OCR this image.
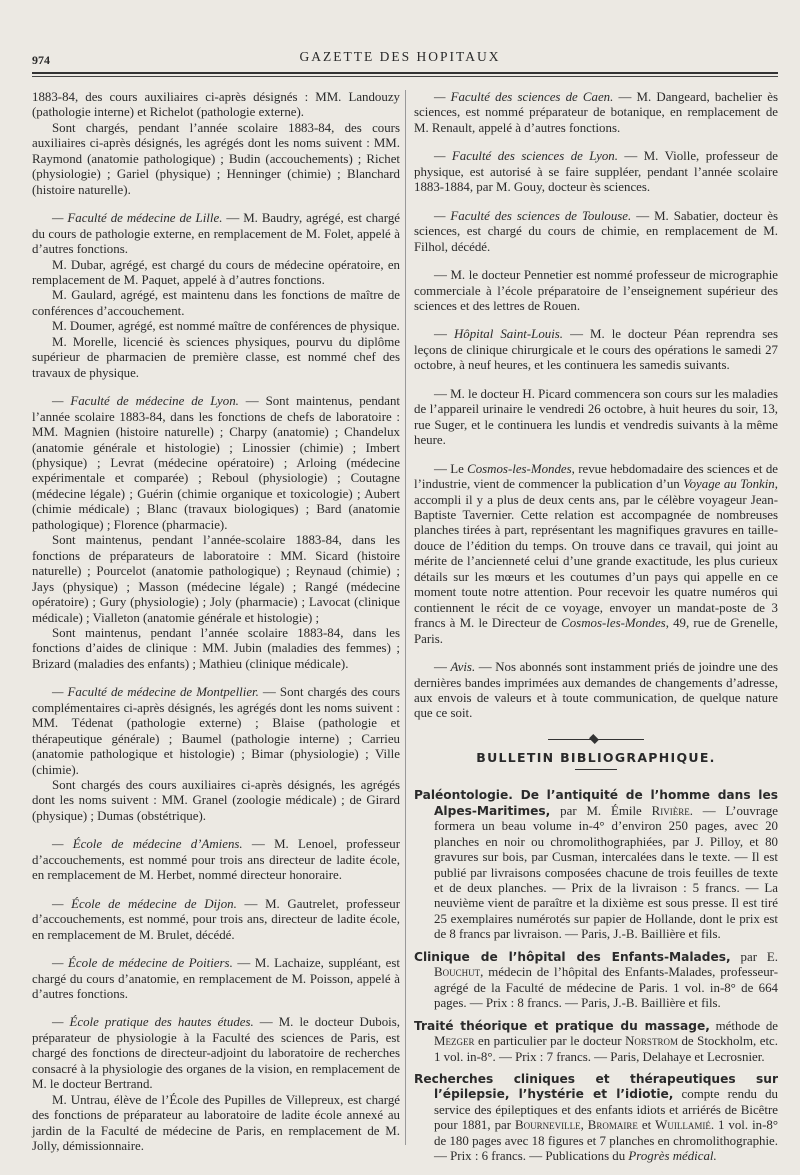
974	GAZETTE DES HOPITAUX

1883-84, des cours auxiliaires ci-après désignés : MM. Landouzy (pathologie interne) et Richelot (pathologie externe).

Sont chargés, pendant l’année scolaire 1883-84, des cours auxiliaires ci-après désignés, les agrégés dont les noms suivent : MM. Raymond (anatomie pathologique) ; Budin (accouchements) ; Richet (physiologie) ; Gariel (physique) ; Henninger (chimie) ; Blanchard (histoire naturelle).

— Faculté de médecine de Lille. — M. Baudry, agrégé, est chargé du cours de pathologie externe, en remplacement de M. Folet, appelé à d’autres fonctions.

M. Dubar, agrégé, est chargé du cours de médecine opératoire, en remplacement de M. Paquet, appelé à d’autres fonctions.

M. Gaulard, agrégé, est maintenu dans les fonctions de maître de conférences d’accouchement.

M. Doumer, agrégé, est nommé maître de conférences de physique.

M. Morelle, licencié ès sciences physiques, pourvu du diplôme supérieur de pharmacien de première classe, est nommé chef des travaux de physique.

— Faculté de médecine de Lyon. — Sont maintenus, pendant l’année scolaire 1883-84, dans les fonctions de chefs de laboratoire : MM. Magnien (histoire naturelle) ; Charpy (anatomie) ; Chandelux (anatomie générale et histologie) ; Linossier (chimie) ; Imbert (physique) ; Levrat (médecine opératoire) ; Arloing (médecine expérimentale et comparée) ; Reboul (physiologie) ; Coutagne (médecine légale) ; Guérin (chimie organique et toxicologie) ; Aubert (chimie médicale) ; Blanc (travaux biologiques) ; Bard (anatomie pathologique) ; Florence (pharmacie).

Sont maintenus, pendant l’année-scolaire 1883-84, dans les fonctions de préparateurs de laboratoire : MM. Sicard (histoire naturelle) ; Pourcelot (anatomie pathologique) ; Reynaud (chimie) ; Jays (physique) ; Masson (médecine légale) ; Rangé (médecine opératoire) ; Gury (physiologie) ; Joly (pharmacie) ; Lavocat (clinique médicale) ; Vialleton (anatomie générale et histologie) ;

Sont maintenus, pendant l’année scolaire 1883-84, dans les fonctions d’aides de clinique : MM. Jubin (maladies des femmes) ; Brizard (maladies des enfants) ; Mathieu (clinique médicale).

— Faculté de médecine de Montpellier. — Sont chargés des cours complémentaires ci-après désignés, les agrégés dont les noms suivent : MM. Tédenat (pathologie externe) ; Blaise (pathologie et thérapeutique générale) ; Baumel (pathologie interne) ; Carrieu (anatomie pathologique et histologie) ; Bimar (physiologie) ; Ville (chimie).

Sont chargés des cours auxiliaires ci-après désignés, les agrégés dont les noms suivent : MM. Granel (zoologie médicale) ; de Girard (physique) ; Dumas (obstétrique).

— École de médecine d’Amiens. — M. Lenoel, professeur d’accouchements, est nommé pour trois ans directeur de ladite école, en remplacement de M. Herbet, nommé directeur honoraire.

— École de médecine de Dijon. — M. Gautrelet, professeur d’accouchements, est nommé, pour trois ans, directeur de ladite école, en remplacement de M. Brulet, décédé.

— École de médecine de Poitiers. — M. Lachaize, suppléant, est chargé du cours d’anatomie, en remplacement de M. Poisson, appelé à d’autres fonctions.

— École pratique des hautes études. — M. le docteur Dubois, préparateur de physiologie à la Faculté des sciences de Paris, est chargé des fonctions de directeur-adjoint du laboratoire de recherches consacré à la physiologie des organes de la vision, en remplacement de M. le docteur Bertrand.

M. Untrau, élève de l’École des Pupilles de Villepreux, est chargé des fonctions de préparateur au laboratoire de ladite école annexé au jardin de la Faculté de médecine de Paris, en remplacement de M. Jolly, démissionnaire.

— Faculté des sciences de Caen. — M. Dangeard, bachelier ès sciences, est nommé préparateur de botanique, en remplacement de M. Renault, appelé à d’autres fonctions.

— Faculté des sciences de Lyon. — M. Violle, professeur de physique, est autorisé à se faire suppléer, pendant l’année scolaire 1883-1884, par M. Gouy, docteur ès sciences.

— Faculté des sciences de Toulouse. — M. Sabatier, docteur ès sciences, est chargé du cours de chimie, en remplacement de M. Filhol, décédé.

— M. le docteur Pennetier est nommé professeur de micrographie commerciale à l’école préparatoire de l’enseignement supérieur des sciences et des lettres de Rouen.

— Hôpital Saint-Louis. — M. le docteur Péan reprendra ses leçons de clinique chirurgicale et le cours des opérations le samedi 27 octobre, à neuf heures, et les continuera les samedis suivants.

— M. le docteur H. Picard commencera son cours sur les maladies de l’appareil urinaire le vendredi 26 octobre, à huit heures du soir, 13, rue Suger, et le continuera les lundis et vendredis suivants à la même heure.

— Le Cosmos-les-Mondes, revue hebdomadaire des sciences et de l’industrie, vient de commencer la publication d’un Voyage au Tonkin, accompli il y a plus de deux cents ans, par le célèbre voyageur Jean-Baptiste Tavernier. Cette relation est accompagnée de nombreuses planches tirées à part, représentant les magnifiques gravures en taille-douce de l’édition du temps. On trouve dans ce travail, qui joint au mérite de l’ancienneté celui d’une grande exactitude, les plus curieux détails sur les mœurs et les coutumes d’un pays qui appelle en ce moment toute notre attention. Pour recevoir les quatre numéros qui contiennent le récit de ce voyage, envoyer un mandat-poste de 3 francs à M. le Directeur de Cosmos-les-Mondes, 49, rue de Grenelle, Paris.

— Avis. — Nos abonnés sont instamment priés de joindre une des dernières bandes imprimées aux demandes de changements d’adresse, aux envois de valeurs et à toute communication, de quelque nature que ce soit.

BULLETIN BIBLIOGRAPHIQUE.

Paléontologie. De l’antiquité de l’homme dans les Alpes-Maritimes, par M. Émile Rivière. — L’ouvrage formera un beau volume in-4° d’environ 250 pages, avec 20 planches en noir ou chromolithographiées, par J. Pilloy, et 80 gravures sur bois, par Cusman, intercalées dans le texte. — Il est publié par livraisons composées chacune de trois feuilles de texte et de deux planches. — Prix de la livraison : 5 francs. — La neuvième vient de paraître et la dixième est sous presse. Il est tiré 25 exemplaires numérotés sur papier de Hollande, dont le prix est de 8 francs par livraison. — Paris, J.-B. Baillière et fils.

Clinique de l’hôpital des Enfants-Malades, par E. Bouchut, médecin de l’hôpital des Enfants-Malades, professeur-agrégé de la Faculté de médecine de Paris. 1 vol. in-8° de 664 pages. — Prix : 8 francs. — Paris, J.-B. Baillière et fils.

Traité théorique et pratique du massage, méthode de Mezger en particulier par le docteur Norstrom de Stockholm, etc. 1 vol. in-8°. — Prix : 7 francs. — Paris, Delahaye et Lecrosnier.

Recherches cliniques et thérapeutiques sur l’épilepsie, l’hystérie et l’idiotie, compte rendu du service des épileptiques et des enfants idiots et arriérés de Bicêtre pour 1881, par Bourneville, Bromaire et Wuillamié. 1 vol. in-8° de 180 pages avec 18 figures et 7 planches en chromolithographie. — Prix : 6 francs. — Publications du Progrès médical.
